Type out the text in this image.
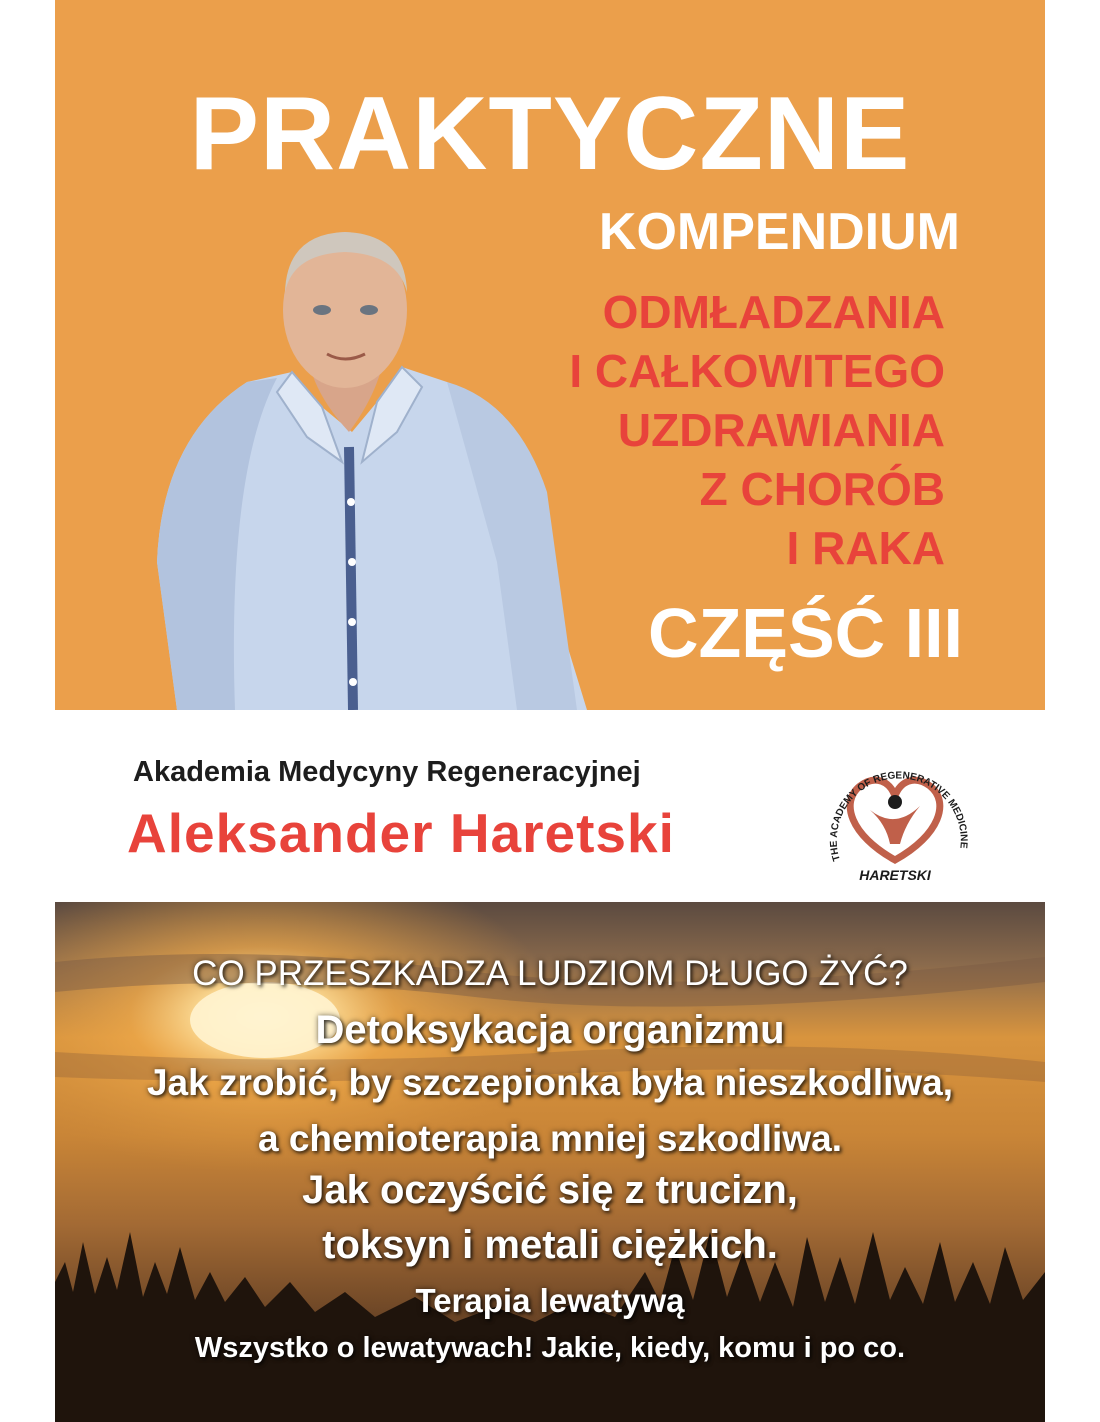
PRAKTYCZNE
KOMPENDIUM
ODMŁADZANIA
I CAŁKOWITEGO
UZDRAWIANIA
Z CHORÓB
I RAKA
CZĘŚĆ III
Akademia Medycyny Regeneracyjnej
Aleksander Haretski	THE ACADEMY OF REGENERATIVE MEDICINE
HARETSKI
CO PRZESZKADZA LUDZIOM DŁUGO ŻYĆ?
Detoksykacja organizmu
Jak zrobić, by szczepionka była nieszkodliwa,
a chemioterapia mniej szkodliwa.
Jak oczyścić się z trucizn,
toksyn i metali ciężkich.
Terapia lewatywą
Wszystko o lewatywach! Jakie, kiedy, komu i po co.
